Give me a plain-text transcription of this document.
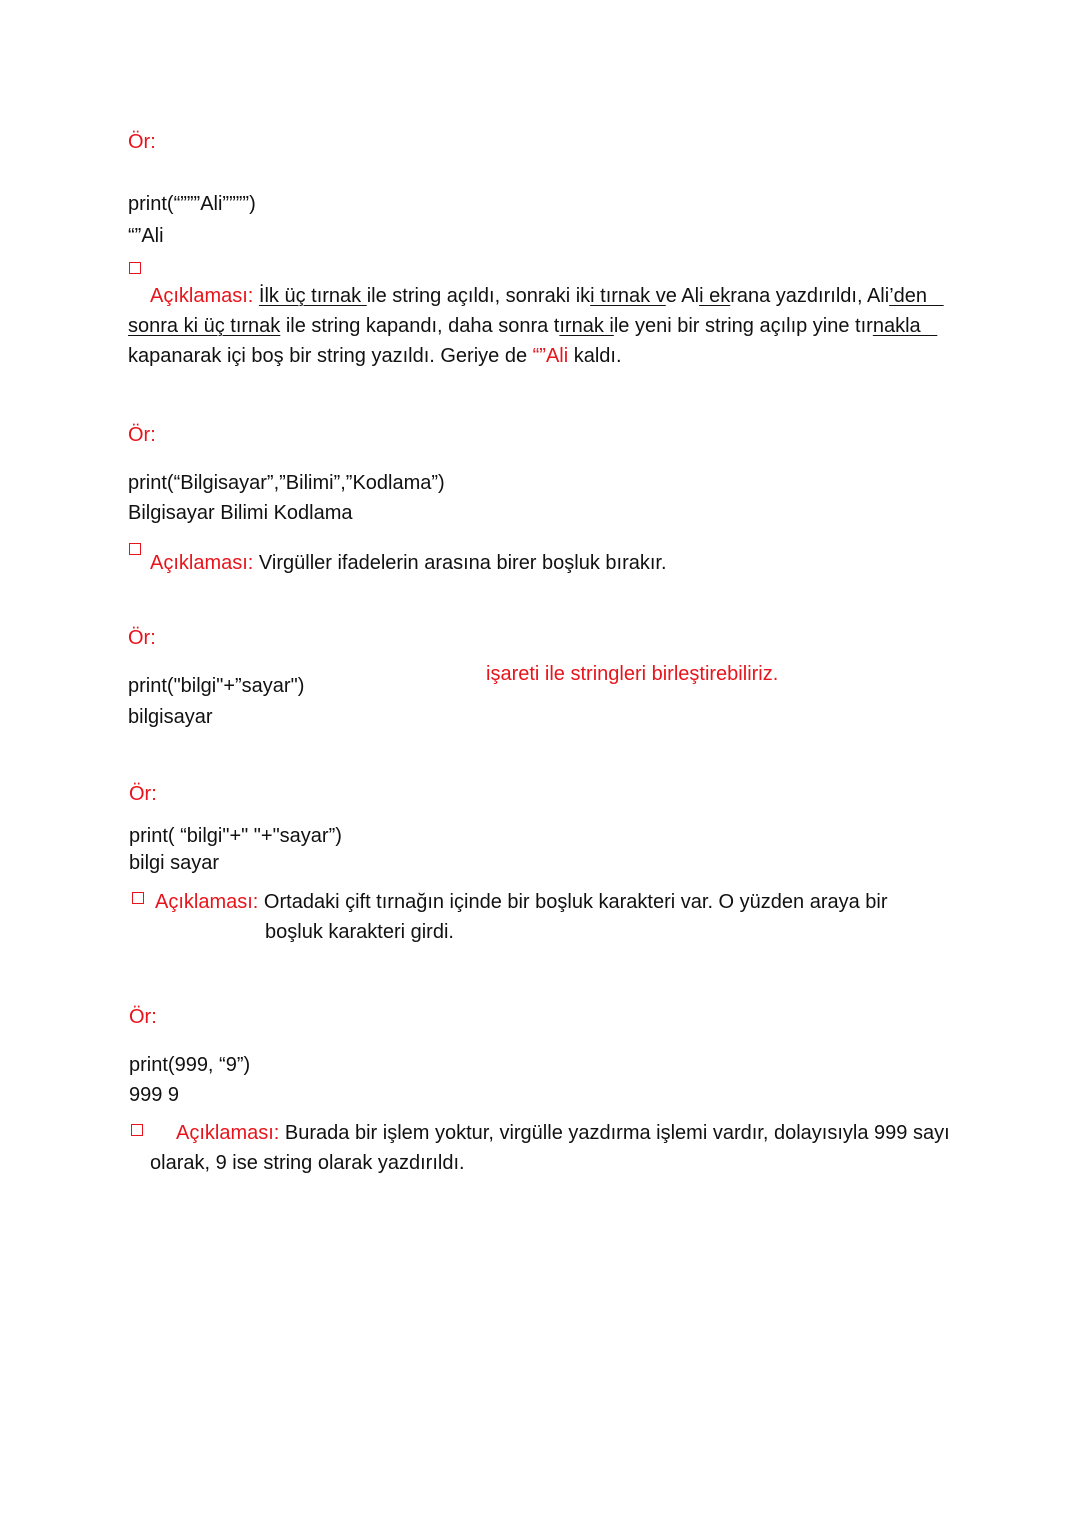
Ör:
print(“”””Ali””””)
“”Ali
Açıklaması: İlk üç tırnak ile string açıldı, sonraki iki tırnak ve Ali ekrana yazdırıldı, Ali’den
sonra ki üç tırnak ile string kapandı, daha sonra tırnak ile yeni bir string açılıp yine tırnakla
kapanarak içi boş bir string yazıldı. Geriye de “”Ali kaldı.
Ör:
print(“Bilgisayar”,”Bilimi”,”Kodlama”)
Bilgisayar Bilimi Kodlama
Açıklaması: Virgüller ifadelerin arasına birer boşluk bırakır.
Ör:
işareti ile stringleri birleştirebiliriz.
print("bilgi"+”sayar")
bilgisayar
Ör:
print( “bilgi"+" "+"sayar”)
bilgi sayar
Açıklaması: Ortadaki çift tırnağın içinde bir boşluk karakteri var. O yüzden araya bir
boşluk karakteri girdi.
Ör:
print(999, “9”)
999 9
Açıklaması: Burada bir işlem yoktur, virgülle yazdırma işlemi vardır, dolayısıyla 999 sayı
olarak, 9 ise string olarak yazdırıldı.
